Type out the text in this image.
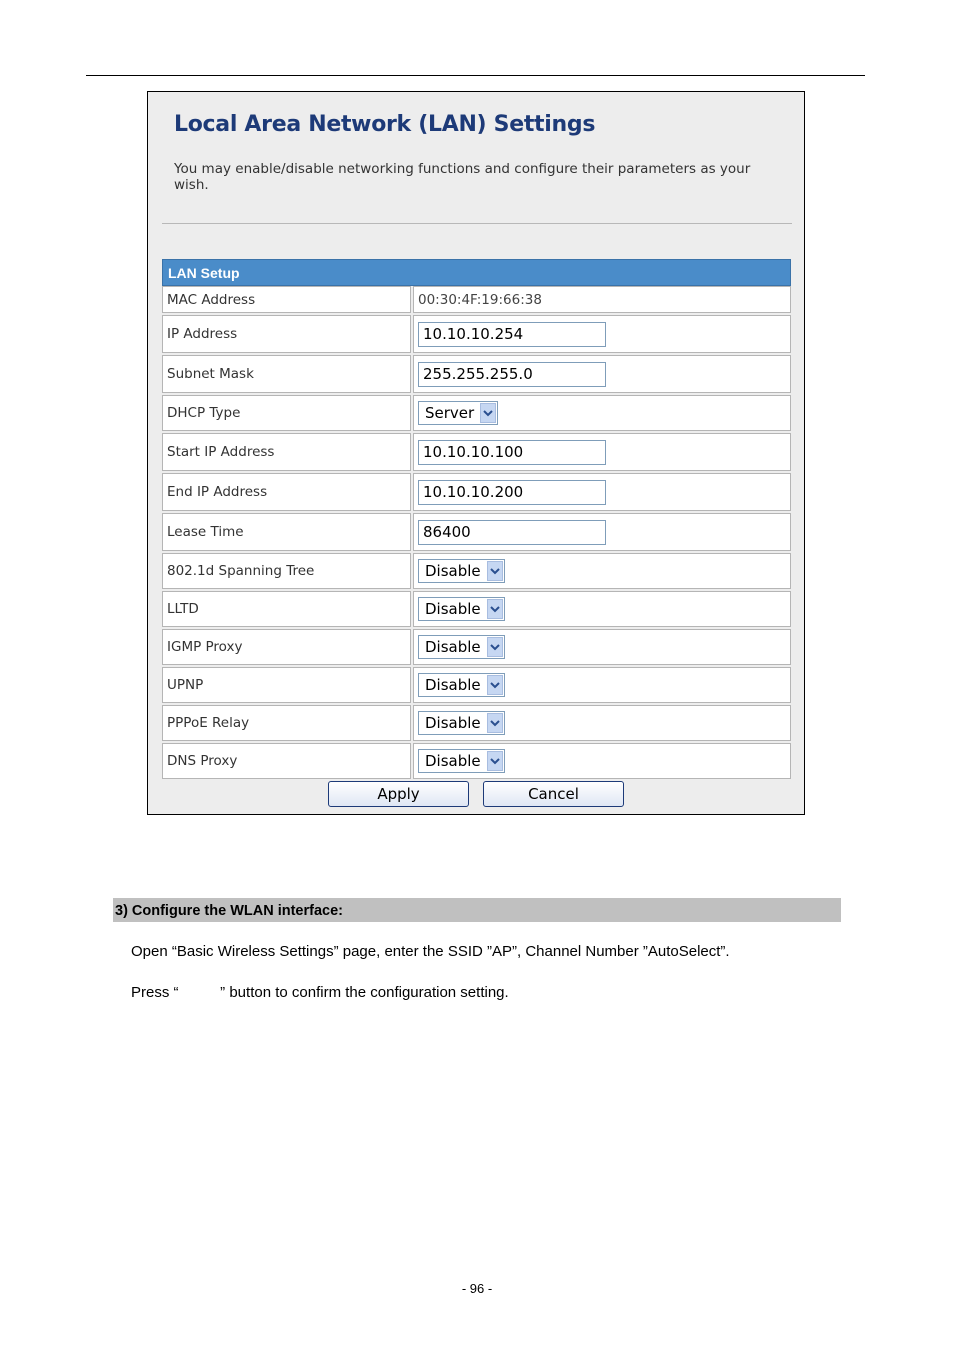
Local Area Network (LAN) Settings
You may enable/disable networking functions and configure their parameters as your wish.
LAN Setup
MAC Address	00:30:4F:19:66:38
IP Address	10.10.10.254
Subnet Mask	255.255.255.0
DHCP Type	Server
Start IP Address	10.10.10.100
End IP Address	10.10.10.200
Lease Time	86400
802.1d Spanning Tree	Disable
LLTD	Disable
IGMP Proxy	Disable
UPNP	Disable
PPPoE Relay	Disable
DNS Proxy	Disable
Apply	Cancel
3) Configure the WLAN interface:
Open “Basic Wireless Settings” page, enter the SSID ”AP”, Channel Number ”AutoSelect”.
Press “          ” button to confirm the configuration setting.
- 96 -
